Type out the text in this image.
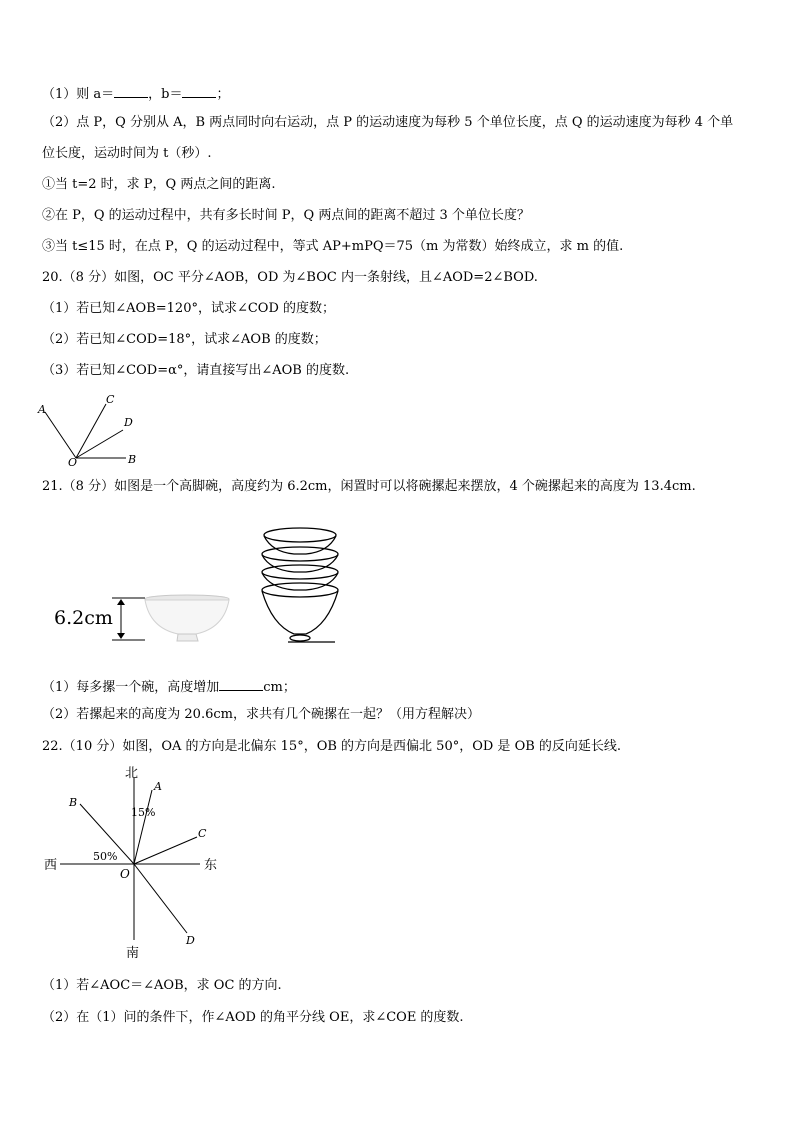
（1）则 a＝	，b＝	；
（2）点 P，Q 分别从 A，B 两点同时向右运动，点 P 的运动速度为每秒 5 个单位长度，点 Q 的运动速度为每秒 4 个单
位长度，运动时间为 t（秒）.
①当 t=2 时，求 P，Q 两点之间的距离.
②在 P，Q 的运动过程中，共有多长时间 P，Q 两点间的距离不超过 3 个单位长度？
③当 t≤15 时，在点 P，Q 的运动过程中，等式 AP+mPQ＝75（m 为常数）始终成立，求 m 的值.
20.（8 分）如图，OC 平分∠AOB，OD 为∠BOC 内一条射线，且∠AOD=2∠BOD.
（1）若已知∠AOB=120°，试求∠COD 的度数；
（2）若已知∠COD=18°，试求∠AOB 的度数；
（3）若已知∠COD=α°，请直接写出∠AOB 的度数.
A
C
D
O	B
21.（8 分）如图是一个高脚碗，高度约为 6.2cm，闲置时可以将碗摞起来摆放，4 个碗摞起来的高度为 13.4cm.
6.2cm
（1）每多摞一个碗，高度增加	cm；
（2）若摞起来的高度为 20.6cm，求共有几个碗摞在一起？（用方程解决）
22.（10 分）如图，OA 的方向是北偏东 15°，OB 的方向是西偏北 50°，OD 是 OB 的反向延长线.
北
南
西	东
A
B
C
D
O
15%
50%
（1）若∠AOC＝∠AOB，求 OC 的方向.
（2）在（1）问的条件下，作∠AOD 的角平分线 OE，求∠COE 的度数.
